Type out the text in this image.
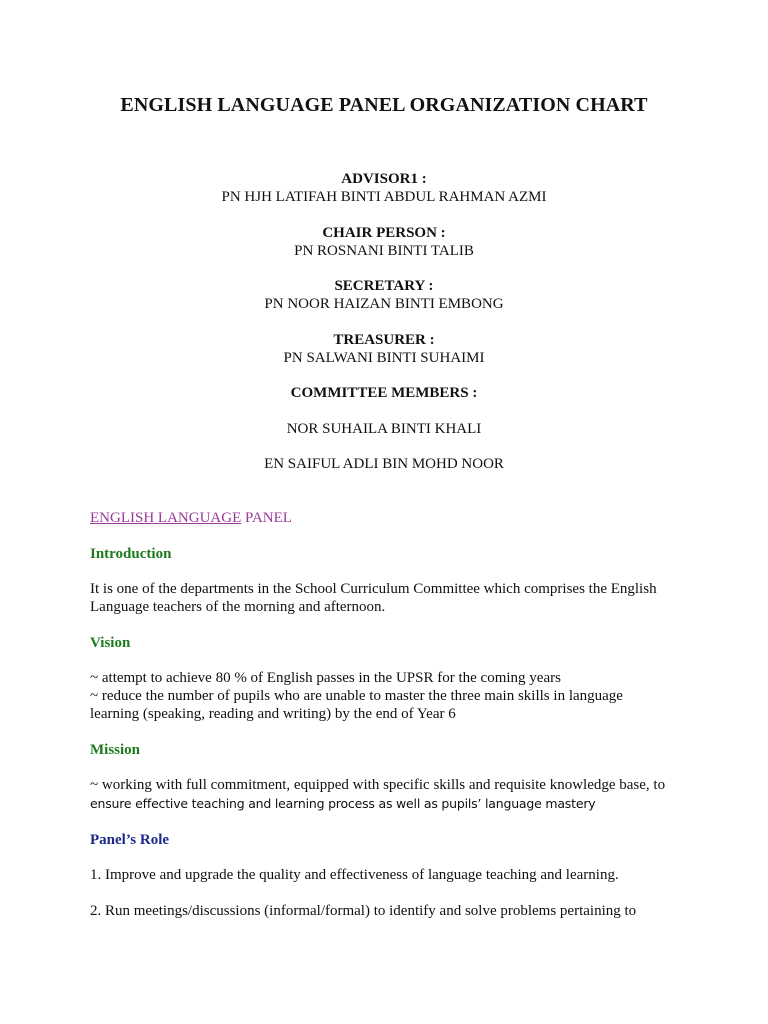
ENGLISH LANGUAGE PANEL ORGANIZATION CHART
ADVISOR1 :
PN HJH LATIFAH BINTI ABDUL RAHMAN AZMI
CHAIR PERSON :
PN ROSNANI BINTI TALIB
SECRETARY :
PN NOOR HAIZAN BINTI EMBONG
TREASURER :
PN SALWANI BINTI SUHAIMI
COMMITTEE MEMBERS :
NOR SUHAILA BINTI KHALI
EN SAIFUL ADLI BIN MOHD NOOR
ENGLISH LANGUAGE PANEL
Introduction
It is one of the departments in the School Curriculum Committee which comprises the English Language teachers of the morning and afternoon.
Vision
~ attempt to achieve 80 % of English passes in the UPSR for the coming years
~ reduce the number of pupils who are unable to master the three main skills in language learning (speaking, reading and writing) by the end of Year 6
Mission
~ working with full commitment, equipped with specific skills and requisite knowledge base, to
ensure effective teaching and learning process as well as pupils’ language mastery
Panel’s Role
1. Improve and upgrade the quality and effectiveness of language teaching and learning.
2. Run meetings/discussions (informal/formal) to identify and solve problems pertaining to
